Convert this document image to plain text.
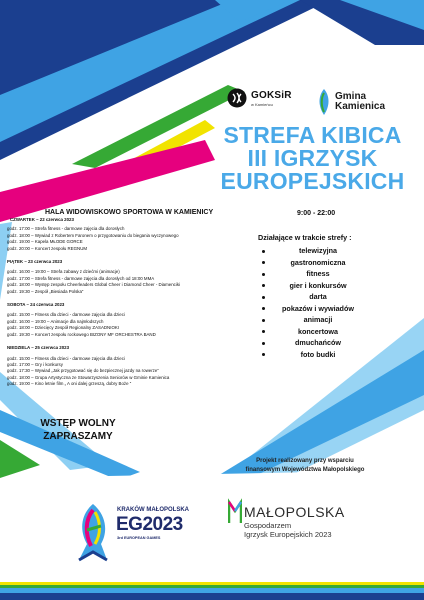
GOKSiR
w Kamieńcu
Gmina
Kamienica
STREFA KIBICA
III IGRZYSK
EUROPEJSKICH
HALA WIDOWISKOWO SPORTOWA W KAMIENICY	9:00 - 22:00
CZWARTEK – 22 czerwca 2023
godz. 17:00 – Strefa fitness - darmowe zajęcia dla dorosłych
godz. 18:00 – Wywiad z Robertem Faronem o przygotowaniu do biegania wyczynowego
godz. 19:00 – Kapela MŁODE GORCE
godz. 20:00 – Koncert zespołu REGNUM
PIĄTEK – 23 czerwca 2023
godz. 16:00 – 19:00 – Strefa zabawy z dziećmi (animacje)
godz. 17:00 – Strefa fitness - darmowe zajęcia dla dorosłych od 18:00 MMA
godz. 18:00 – Występ zespołu Cheerleaders Global Cheer i Diamond Cheer - Diamenciki
godz. 19:30 – Zespół „Biesiada Polska”
SOBOTA – 24 czerwca 2023
godz. 15:00 – Fitness dla dzieci - darmowe zajęcia dla dzieci
godz. 16:00 – 19:00 – Animacje dla najmłodszych
godz. 18:00 – Dziecięcy Zespół Regionalny ZASADNIOKI
godz. 19:30 – Koncert zespołu rockowego BIZONY MF ORCHESTRA BAND
NIEDZIELA – 25 czerwca 2023
godz. 15:00 – Fitness dla dzieci - darmowe zajęcia dla dzieci
godz. 17:00 – Gry i konkursy
godz. 17:30 – Wywiad „Jak przygotować się do bezpiecznej jazdy na rowerze”
godz. 18:00 – Grupa Artystyczna ze Stowarzyszenia Seniorów w Gminie Kamienica
godz. 19:00 – Kino letnie film „ A oni dalej grzeszą, dobry Boże ”
Działające w trakcie strefy :
telewizyjna
gastronomiczna
fitness
gier i konkursów
darta
pokazów i wywiadów
animacji
koncertowa
dmuchańców
foto budki
WSTĘP WOLNY
ZAPRASZAMY
Projekt realizowany przy wsparciu
finansowym Województwa Małopolskiego
KRAKÓW MAŁOPOLSKA
EG2023
3rd EUROPEAN GAMES
MAŁOPOLSKA
Gospodarzem
Igrzysk Europejskich 2023
